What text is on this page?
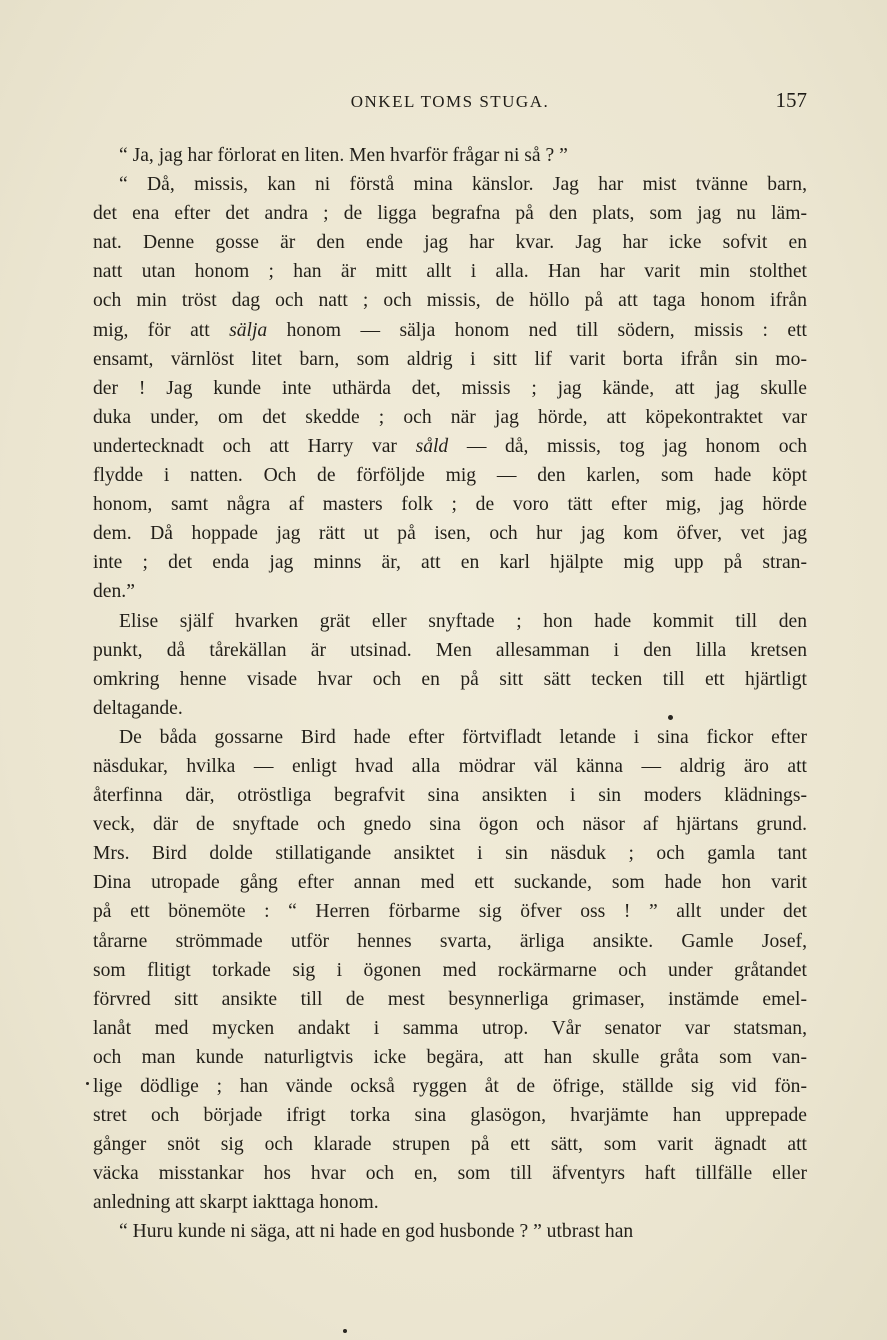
ONKEL TOMS STUGA.	157
“ Ja, jag har förlorat en liten. Men hvarför frågar ni så ? ”
“ Då, missis, kan ni förstå mina känslor. Jag har mist tvänne barn,
det ena efter det andra ; de ligga begrafna på den plats, som jag nu läm-
nat. Denne gosse är den ende jag har kvar. Jag har icke sofvit en
natt utan honom ; han är mitt allt i alla. Han har varit min stolthet
och min tröst dag och natt ; och missis, de höllo på att taga honom ifrån
mig, för att sälja honom — sälja honom ned till södern, missis : ett
ensamt, värnlöst litet barn, som aldrig i sitt lif varit borta ifrån sin mo-
der ! Jag kunde inte uthärda det, missis ; jag kände, att jag skulle
duka under, om det skedde ; och när jag hörde, att köpekontraktet var
undertecknadt och att Harry var såld — då, missis, tog jag honom och
flydde i natten. Och de förföljde mig — den karlen, som hade köpt
honom, samt några af masters folk ; de voro tätt efter mig, jag hörde
dem. Då hoppade jag rätt ut på isen, och hur jag kom öfver, vet jag
inte ; det enda jag minns är, att en karl hjälpte mig upp på stran-
den.”
Elise själf hvarken grät eller snyftade ; hon hade kommit till den
punkt, då tårekällan är utsinad. Men allesamman i den lilla kretsen
omkring henne visade hvar och en på sitt sätt tecken till ett hjärtligt
deltagande.
De båda gossarne Bird hade efter förtvifladt letande i sina fickor efter
näsdukar, hvilka — enligt hvad alla mödrar väl känna — aldrig äro att
återfinna där, otröstliga begrafvit sina ansikten i sin moders klädnings-
veck, där de snyftade och gnedo sina ögon och näsor af hjärtans grund.
Mrs. Bird dolde stillatigande ansiktet i sin näsduk ; och gamla tant
Dina utropade gång efter annan med ett suckande, som hade hon varit
på ett bönemöte : “ Herren förbarme sig öfver oss ! ” allt under det
tårarne strömmade utför hennes svarta, ärliga ansikte. Gamle Josef,
som flitigt torkade sig i ögonen med rockärmarne och under gråtandet
förvred sitt ansikte till de mest besynnerliga grimaser, instämde emel-
lanåt med mycken andakt i samma utrop. Vår senator var statsman,
och man kunde naturligtvis icke begära, att han skulle gråta som van-
lige dödlige ; han vände också ryggen åt de öfrige, ställde sig vid fön-
stret och började ifrigt torka sina glasögon, hvarjämte han upprepade
gånger snöt sig och klarade strupen på ett sätt, som varit ägnadt att
väcka misstankar hos hvar och en, som till äfventyrs haft tillfälle eller
anledning att skarpt iakttaga honom.
“ Huru kunde ni säga, att ni hade en god husbonde ? ” utbrast han
